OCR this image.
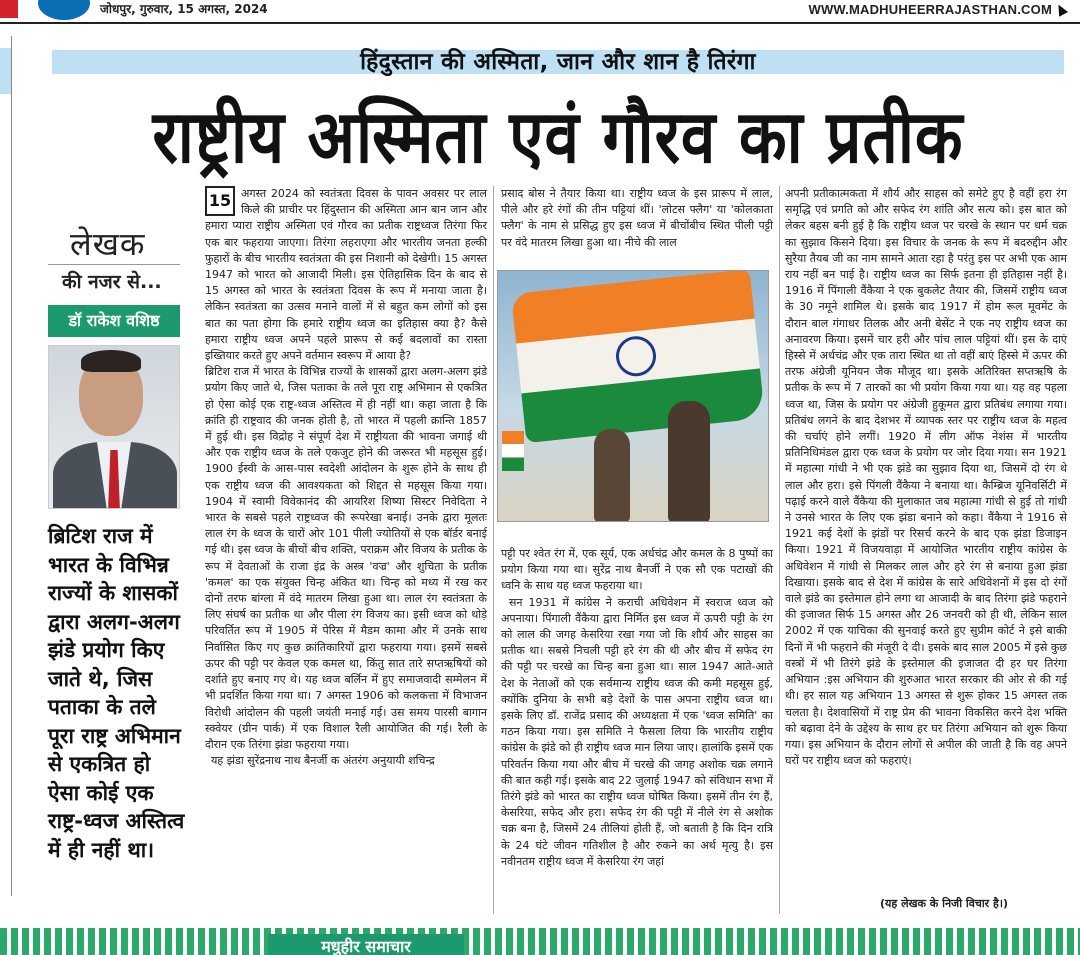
जोधपुर, गुरुवार, 15 अगस्त, 2024	WWW.MADHUHEERRAJASTHAN.COM
हिंदुस्तान की अस्मिता, जान और शान है तिरंगा
राष्ट्रीय अस्मिता एवं गौरव का प्रतीक
लेखक
की नजर से...
डॉ राकेश वशिष्ठ
ब्रिटिश राज में भारत के विभिन्न राज्यों के शासकों द्वारा अलग-अलग झंडे प्रयोग किए जाते थे, जिस पताका के तले पूरा राष्ट्र अभिमान से एकत्रित हो ऐसा कोई एक राष्ट्र-ध्वज अस्तित्व में ही नहीं था।

15 अगस्त 2024 को स्वतंत्रता दिवस के पावन अवसर पर लाल किले की प्राचीर पर हिंदुस्तान की अस्मिता आन बान जान और हमारा प्यारा राष्ट्रीय अस्मिता एवं गौरव का प्रतीक राष्ट्रध्वज तिरंगा फिर एक बार फहराया जाएगा। तिरंगा लहराएगा और भारतीय जनता हल्की फुहारों के बीच भारतीय स्वतंत्रता की इस निशानी को देखेगी। 15 अगस्त 1947 को भारत को आजादी मिली। इस ऐतिहासिक दिन के बाद से 15 अगस्त को भारत के स्वतंत्रता दिवस के रूप में मनाया जाता है। लेकिन स्वतंत्रता का उत्सव मनाने वालों में से बहुत कम लोगों को इस बात का पता होगा कि हमारे राष्ट्रीय ध्वज का इतिहास क्या है? कैसे हमारा राष्ट्रीय ध्वज अपने पहले प्रारूप से कई बदलावों का रास्ता इख्तियार करते हुए अपने वर्तमान स्वरूप में आया है?

ब्रिटिश राज में भारत के विभिन्न राज्यों के शासकों द्वारा अलग-अलग झंडे प्रयोग किए जाते थे, जिस पताका के तले पूरा राष्ट्र अभिमान से एकत्रित हो ऐसा कोई एक राष्ट्र-ध्वज अस्तित्व में ही नहीं था। कहा जाता है कि क्रांति ही राष्ट्रवाद की जनक होती है, तो भारत में पहली क्रान्ति 1857 में हुई थी। इस विद्रोह ने संपूर्ण देश में राष्ट्रीयता की भावना जगाई थी और एक राष्ट्रीय ध्वज के तले एकजुट होने की जरूरत भी महसूस हुई। 1900 ईस्वी के आस-पास स्वदेशी आंदोलन के शुरू होने के साथ ही एक राष्ट्रीय ध्वज की आवश्यकता को शिद्दत से महसूस किया गया। 1904 में स्वामी विवेकानंद की आयरिश शिष्या सिस्टर निवेदिता ने भारत के सबसे पहले राष्ट्रध्वज की रूपरेखा बनाई। उनके द्वारा मूलतः लाल रंग के ध्वज के चारों ओर 101 पीली ज्योतियों से एक बॉर्डर बनाई गई थी। इस ध्वज के बीचों बीच शक्ति, पराक्रम और विजय के प्रतीक के रूप में देवताओं के राजा इंद्र के अस्त्र 'वज्र' और शुचिता के प्रतीक 'कमल' का एक संयुक्त चिन्ह अंकित था। चिन्ह को मध्य में रख कर दोनों तरफ बांग्ला में वंदे मातरम लिखा हुआ था। लाल रंग स्वतंत्रता के लिए संघर्ष का प्रतीक था और पीला रंग विजय का। इसी ध्वज को थोड़े परिवर्तित रूप में 1905 में पेरिस में मैडम कामा और में उनके साथ निर्वासित किए गए कुछ क्रांतिकारियों द्वारा फहराया गया। इसमें सबसे ऊपर की पट्टी पर केवल एक कमल था, किंतु सात तारे सप्तऋषियों को दर्शाते हुए बनाए गए थे। यह ध्वज बर्लिन में हुए समाजवादी सम्मेलन में भी प्रदर्शित किया गया था। 7 अगस्त 1906 को कलकत्ता में विभाजन विरोधी आंदोलन की पहली जयंती मनाई गई। उस समय पारसी बागान स्क्वेयर (ग्रीन पार्क) में एक विशाल रैली आयोजित की गई। रैली के दौरान एक तिरंगा झंडा फहराया गया।

यह झंडा सुरेंद्रनाथ नाथ बैनर्जी क अंतरंग अनुयायी शचिन्द्र

प्रसाद बोस ने तैयार किया था। राष्ट्रीय ध्वज के इस प्रारूप में लाल, पीले और हरे रंगों की तीन पट्टियां थीं। 'लोटस फ्लैग' या 'कोलकाता फ्लैग' के नाम से प्रसिद्ध हुए इस ध्वज में बीचोंबीच स्थित पीली पट्टी पर वंदे मातरम लिखा हुआ था। नीचे की लाल

पट्टी पर श्वेत रंग में, एक सूर्य, एक अर्धचंद्र और कमल के 8 पुष्पों का प्रयोग किया गया था। सुरेंद्र नाथ बैनर्जी ने एक सौ एक पटाखों की ध्वनि के साथ यह ध्वज फहराया था।

सन 1931 में कांग्रेस ने कराची अधिवेशन में स्वराज ध्वज को अपनाया। पिंगाली वैंकैया द्वारा निर्मित इस ध्वज में ऊपरी पट्टी के रंग को लाल की जगह केसरिया रखा गया जो कि शौर्य और साहस का प्रतीक था। सबसे निचली पट्टी हरे रंग की थी और बीच में सफेद रंग की पट्टी पर चरखे का चिन्ह बना हुआ था। साल 1947 आते-आते देश के नेताओं को एक सर्वमान्य राष्ट्रीय ध्वज की कमी महसूस हुई, क्योंकि दुनिया के सभी बड़े देशों के पास अपना राष्ट्रीय ध्वज था। इसके लिए डॉ. राजेंद्र प्रसाद की अध्यक्षता में एक 'ध्वज समिति' का गठन किया गया। इस समिति ने फैसला लिया कि भारतीय राष्ट्रीय कांग्रेस के झंडे को ही राष्ट्रीय ध्वज मान लिया जाए। हालांकि इसमें एक परिवर्तन किया गया और बीच में चरखे की जगह अशोक चक्र लगाने की बात कही गई। इसके बाद 22 जुलाई 1947 को संविधान सभा में तिरंगे झंडे को भारत का राष्ट्रीय ध्वज घोषित किया। इसमें तीन रंग हैं, केसरिया, सफेद और हरा। सफेद रंग की पट्टी में नीले रंग से अशोक चक्र बना है, जिसमें 24 तीलियां होती हैं, जो बताती है कि दिन रात्रि के 24 घंटे जीवन गतिशील है और रुकने का अर्थ मृत्यु है। इस नवीनतम राष्ट्रीय ध्वज में केसरिया रंग जहां

अपनी प्रतीकात्मकता में शौर्य और साहस को समेटे हुए है वहीं हरा रंग समृद्धि एवं प्रगति को और सफेद रंग शांति और सत्य को। इस बात को लेकर बहस बनी हुई है कि राष्ट्रीय ध्वज पर चरखे के स्थान पर धर्म चक्र का सुझाव किसने दिया। इस विचार के जनक के रूप में बदरुद्दीन और सुरैया तैयब जी का नाम सामने आता रहा है परंतु इस पर अभी एक आम राय नहीं बन पाई है। राष्ट्रीय ध्वज का सिर्फ इतना ही इतिहास नहीं है। 1916 में पिंगाली वैंकैया ने एक बुकलेट तैयार की, जिसमें राष्ट्रीय ध्वज के 30 नमूने शामिल थे। इसके बाद 1917 में होम रूल मूवमेंट के दौरान बाल गंगाधर तिलक और अनी बेसेंट ने एक नए राष्ट्रीय ध्वज का अनावरण किया। इसमें चार हरी और पांच लाल पट्टियां थीं। इस के दाएं हिस्से में अर्धचंद्र और एक तारा स्थित था तो वहीं बाएं हिस्से में ऊपर की तरफ अंग्रेजी यूनियन जैक मौजूद था। इसके अतिरिक्त सप्तऋषि के प्रतीक के रूप में 7 तारकों का भी प्रयोग किया गया था। यह वह पहला ध्वज था, जिस के प्रयोग पर अंग्रेजी हुकूमत द्वारा प्रतिबंध लगाया गया। प्रतिबंध लगने के बाद देशभर में व्यापक स्तर पर राष्ट्रीय ध्वज के महत्व की चर्चाएं होने लगीं। 1920 में लीग ऑफ नेशंस में भारतीय प्रतिनिधिमंडल द्वारा एक ध्वज के प्रयोग पर जोर दिया गया। सन 1921 में महात्मा गांधी ने भी एक झंडे का सुझाव दिया था, जिसमें दो रंग थे लाल और हरा। इसे पिंगली वैंकैया ने बनाया था। कैम्ब्रिज यूनिवर्सिटी में पढ़ाई करने वाले वैंकैया की मुलाकात जब महात्मा गांधी से हुई तो गांधी ने उनसे भारत के लिए एक झंडा बनाने को कहा। वैंकैया ने 1916 से 1921 कई देशों के झंडों पर रिसर्च करने के बाद एक झंडा डिजाइन किया। 1921 में विजयवाड़ा में आयोजित भारतीय राष्ट्रीय कांग्रेस के अधिवेशन में गांधी से मिलकर लाल और हरे रंग से बनाया हुआ झंडा दिखाया। इसके बाद से देश में कांग्रेस के सारे अधिवेशनों में इस दो रंगों वाले झंडे का इस्तेमाल होने लगा था आजादी के बाद तिरंगा झंडे फहराने की इजाजत सिर्फ 15 अगस्त और 26 जनवरी को ही थी, लेकिन साल 2002 में एक याचिका की सुनवाई करते हुए सुप्रीम कोर्ट ने इसे बाकी दिनों में भी फहराने की मंजूरी दे दी। इसके बाद साल 2005 में इसे कुछ वस्त्रों में भी तिरंगे झंडे के इस्तेमाल की इजाजत दी हर घर तिरंगा अभियान :इस अभियान की शुरुआत भारत सरकार की ओर से की गई थी। हर साल यह अभियान 13 अगस्त से शुरू होकर 15 अगस्त तक चलता है। देशवासियों में राष्ट्र प्रेम की भावना विकसित करने देश भक्ति को बढ़ावा देने के उद्देश्य के साथ हर घर तिरंगा अभियान को शुरू किया गया। इस अभियान के दौरान लोगों से अपील की जाती है कि वह अपने घरों पर राष्ट्रीय ध्वज को फहराएं।

(यह लेखक के निजी विचार है।)
मधुहीर समाचार
